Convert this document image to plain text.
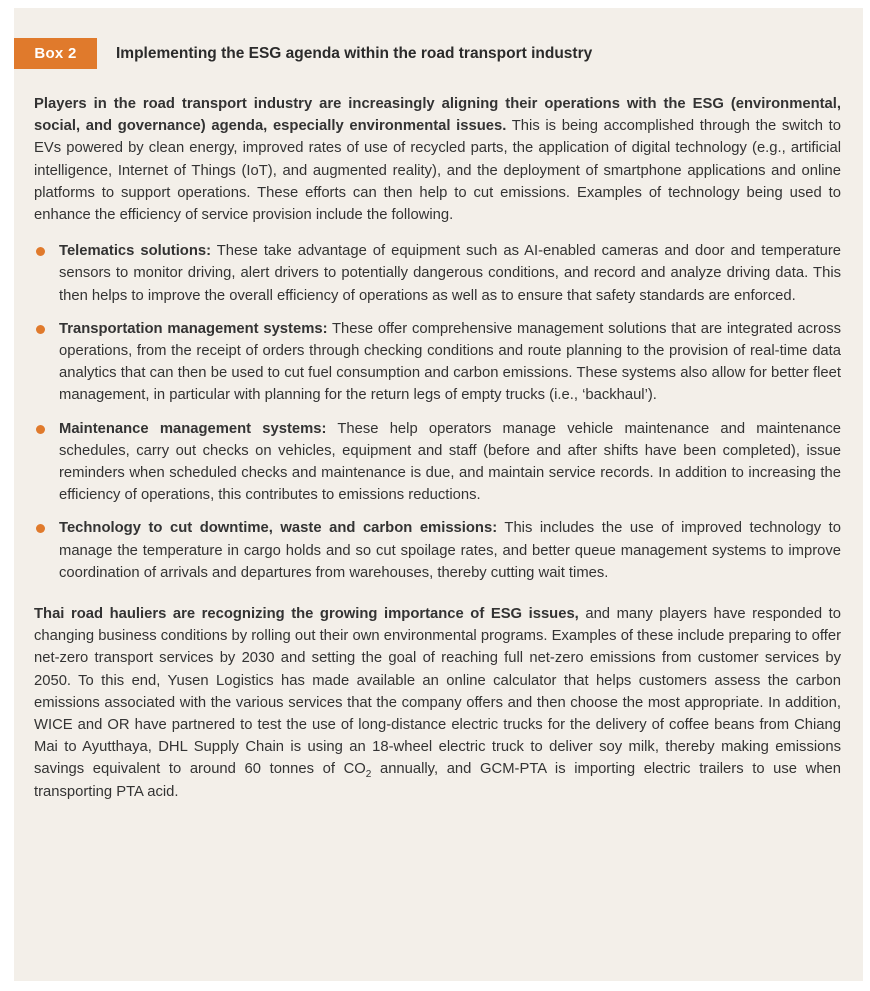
Box 2	Implementing the ESG agenda within the road transport industry

Players in the road transport industry are increasingly aligning their operations with the ESG (environmental, social, and governance) agenda, especially environmental issues. This is being accomplished through the switch to EVs powered by clean energy, improved rates of use of recycled parts, the application of digital technology (e.g., artificial intelligence, Internet of Things (IoT), and augmented reality), and the deployment of smartphone applications and online platforms to support operations. These efforts can then help to cut emissions. Examples of technology being used to enhance the efficiency of service provision include the following.

Telematics solutions: These take advantage of equipment such as AI-enabled cameras and door and temperature sensors to monitor driving, alert drivers to potentially dangerous conditions, and record and analyze driving data. This then helps to improve the overall efficiency of operations as well as to ensure that safety standards are enforced.
Transportation management systems: These offer comprehensive management solutions that are integrated across operations, from the receipt of orders through checking conditions and route planning to the provision of real-time data analytics that can then be used to cut fuel consumption and carbon emissions. These systems also allow for better fleet management, in particular with planning for the return legs of empty trucks (i.e., ‘backhaul’).
Maintenance management systems: These help operators manage vehicle maintenance and maintenance schedules, carry out checks on vehicles, equipment and staff (before and after shifts have been completed), issue reminders when scheduled checks and maintenance is due, and maintain service records. In addition to increasing the efficiency of operations, this contributes to emissions reductions.
Technology to cut downtime, waste and carbon emissions: This includes the use of improved technology to manage the temperature in cargo holds and so cut spoilage rates, and better queue management systems to improve coordination of arrivals and departures from warehouses, thereby cutting wait times.

Thai road hauliers are recognizing the growing importance of ESG issues, and many players have responded to changing business conditions by rolling out their own environmental programs. Examples of these include preparing to offer net-zero transport services by 2030 and setting the goal of reaching full net-zero emissions from customer services by 2050. To this end, Yusen Logistics has made available an online calculator that helps customers assess the carbon emissions associated with the various services that the company offers and then choose the most appropriate. In addition, WICE and OR have partnered to test the use of long-distance electric trucks for the delivery of coffee beans from Chiang Mai to Ayutthaya, DHL Supply Chain is using an 18-wheel electric truck to deliver soy milk, thereby making emissions savings equivalent to around 60 tonnes of $CO_2$ annually, and GCM-PTA is importing electric trailers to use when transporting PTA acid.
